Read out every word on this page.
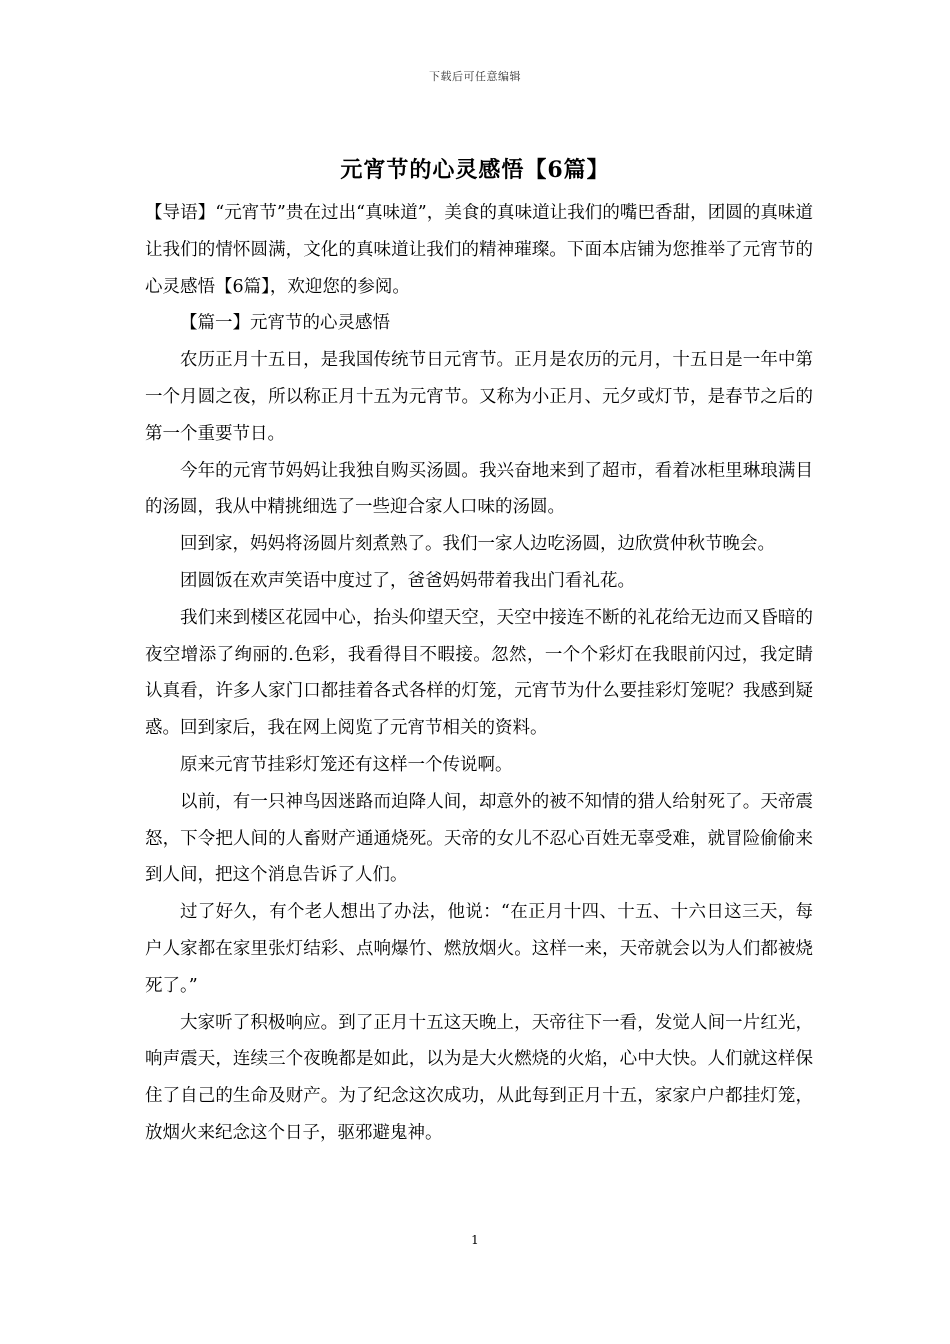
下载后可任意编辑
元宵节的心灵感悟【6篇】

【导语】“元宵节”贵在过出“真味道”，美食的真味道让我们的嘴巴香甜，团圆的真味道让我们的情怀圆满，文化的真味道让我们的精神璀璨。下面本店铺为您推举了元宵节的心灵感悟【6篇】，欢迎您的参阅。

【篇一】元宵节的心灵感悟

农历正月十五日，是我国传统节日元宵节。正月是农历的元月，十五日是一年中第一个月圆之夜，所以称正月十五为元宵节。又称为小正月、元夕或灯节，是春节之后的第一个重要节日。

今年的元宵节妈妈让我独自购买汤圆。我兴奋地来到了超市，看着冰柜里琳琅满目的汤圆，我从中精挑细选了一些迎合家人口味的汤圆。

回到家，妈妈将汤圆片刻煮熟了。我们一家人边吃汤圆，边欣赏仲秋节晚会。

团圆饭在欢声笑语中度过了，爸爸妈妈带着我出门看礼花。

我们来到楼区花园中心，抬头仰望天空，天空中接连不断的礼花给无边而又昏暗的夜空增添了绚丽的.色彩，我看得目不暇接。忽然，一个个彩灯在我眼前闪过，我定睛认真看，许多人家门口都挂着各式各样的灯笼，元宵节为什么要挂彩灯笼呢？我感到疑惑。回到家后，我在网上阅览了元宵节相关的资料。

原来元宵节挂彩灯笼还有这样一个传说啊。

以前，有一只神鸟因迷路而迫降人间，却意外的被不知情的猎人给射死了。天帝震怒，下令把人间的人畜财产通通烧死。天帝的女儿不忍心百姓无辜受难，就冒险偷偷来到人间，把这个消息告诉了人们。

过了好久，有个老人想出了办法，他说：“在正月十四、十五、十六日这三天，每户人家都在家里张灯结彩、点响爆竹、燃放烟火。这样一来，天帝就会以为人们都被烧死了。”

大家听了积极响应。到了正月十五这天晚上，天帝往下一看，发觉人间一片红光，响声震天，连续三个夜晚都是如此，以为是大火燃烧的火焰，心中大快。人们就这样保住了自己的生命及财产。为了纪念这次成功，从此每到正月十五，家家户户都挂灯笼，放烟火来纪念这个日子，驱邪避鬼神。

1
